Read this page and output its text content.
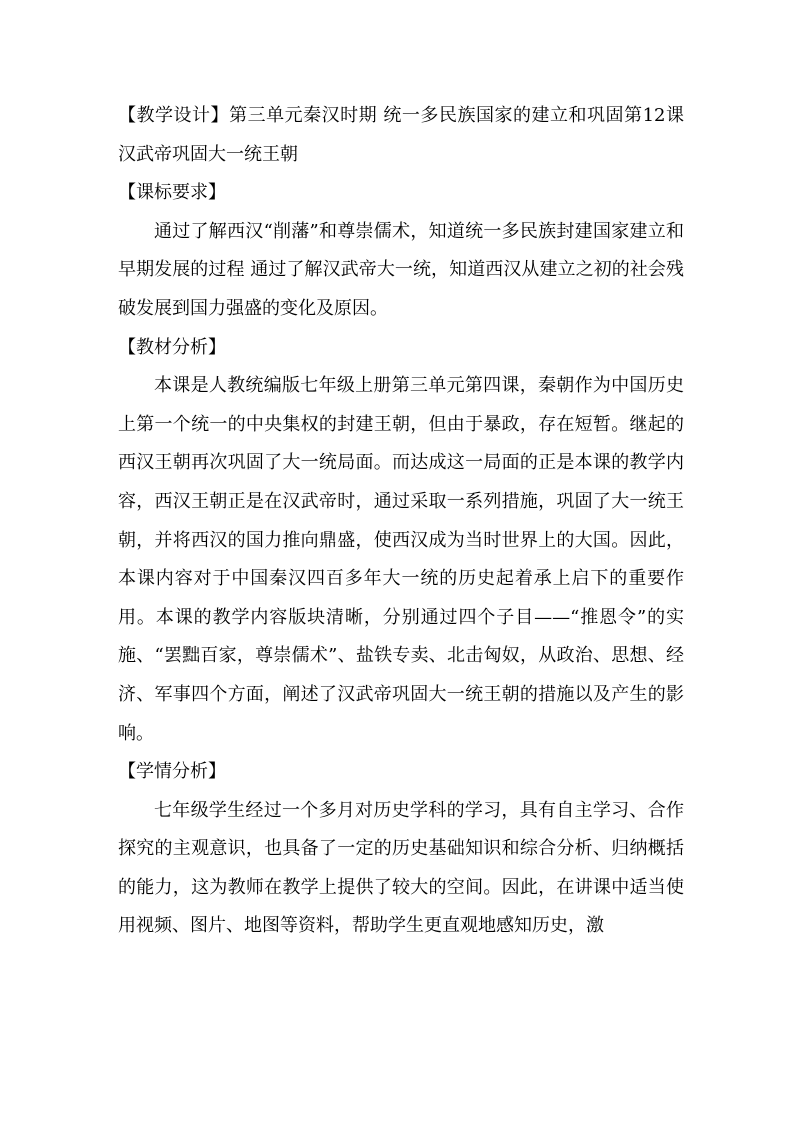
【教学设计】第三单元秦汉时期 统一多民族国家的建立和巩固第12课汉武帝巩固大一统王朝

【课标要求】

通过了解西汉“削藩”和尊崇儒术，知道统一多民族封建国家建立和早期发展的过程 通过了解汉武帝大一统，知道西汉从建立之初的社会残破发展到国力强盛的变化及原因。

【教材分析】

本课是人教统编版七年级上册第三单元第四课，秦朝作为中国历史上第一个统一的中央集权的封建王朝，但由于暴政，存在短暂。继起的西汉王朝再次巩固了大一统局面。而达成这一局面的正是本课的教学内容，西汉王朝正是在汉武帝时，通过采取一系列措施，巩固了大一统王朝，并将西汉的国力推向鼎盛，使西汉成为当时世界上的大国。因此，本课内容对于中国秦汉四百多年大一统的历史起着承上启下的重要作用。本课的教学内容版块清晰，分别通过四个子目——“推恩令”的实施、“罢黜百家，尊崇儒术”、盐铁专卖、北击匈奴，从政治、思想、经济、军事四个方面，阐述了汉武帝巩固大一统王朝的措施以及产生的影响。

【学情分析】

七年级学生经过一个多月对历史学科的学习，具有自主学习、合作探究的主观意识，也具备了一定的历史基础知识和综合分析、归纳概括的能力，这为教师在教学上提供了较大的空间。因此，在讲课中适当使用视频、图片、地图等资料，帮助学生更直观地感知历史，激
